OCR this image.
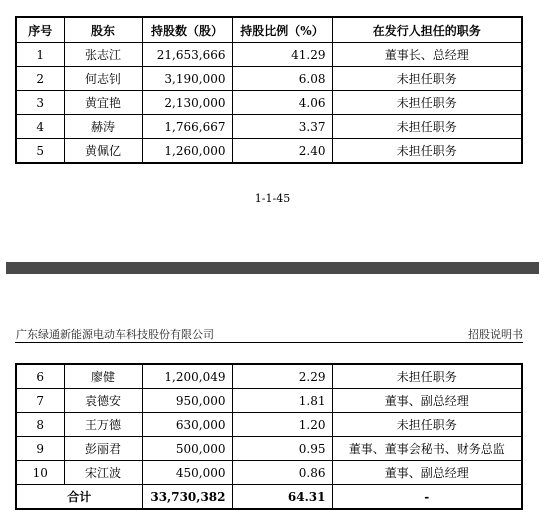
序号	股东	持股数（股）	持股比例（%）	在发行人担任的职务
1	张志江	21,653,666	41.29	董事长、总经理
2	何志钊	3,190,000	6.08	未担任职务
3	黄宜艳	2,130,000	4.06	未担任职务
4	赫涛	1,766,667	3.37	未担任职务
5	黄佩亿	1,260,000	2.40	未担任职务
1-1-45
广东绿通新能源电动车科技股份有限公司	招股说明书
6	廖健	1,200,049	2.29	未担任职务
7	袁德安	950,000	1.81	董事、副总经理
8	王万德	630,000	1.20	未担任职务
9	彭丽君	500,000	0.95	董事、董事会秘书、财务总监
10	宋江波	450,000	0.86	董事、副总经理
合计		33,730,382	64.31	-
